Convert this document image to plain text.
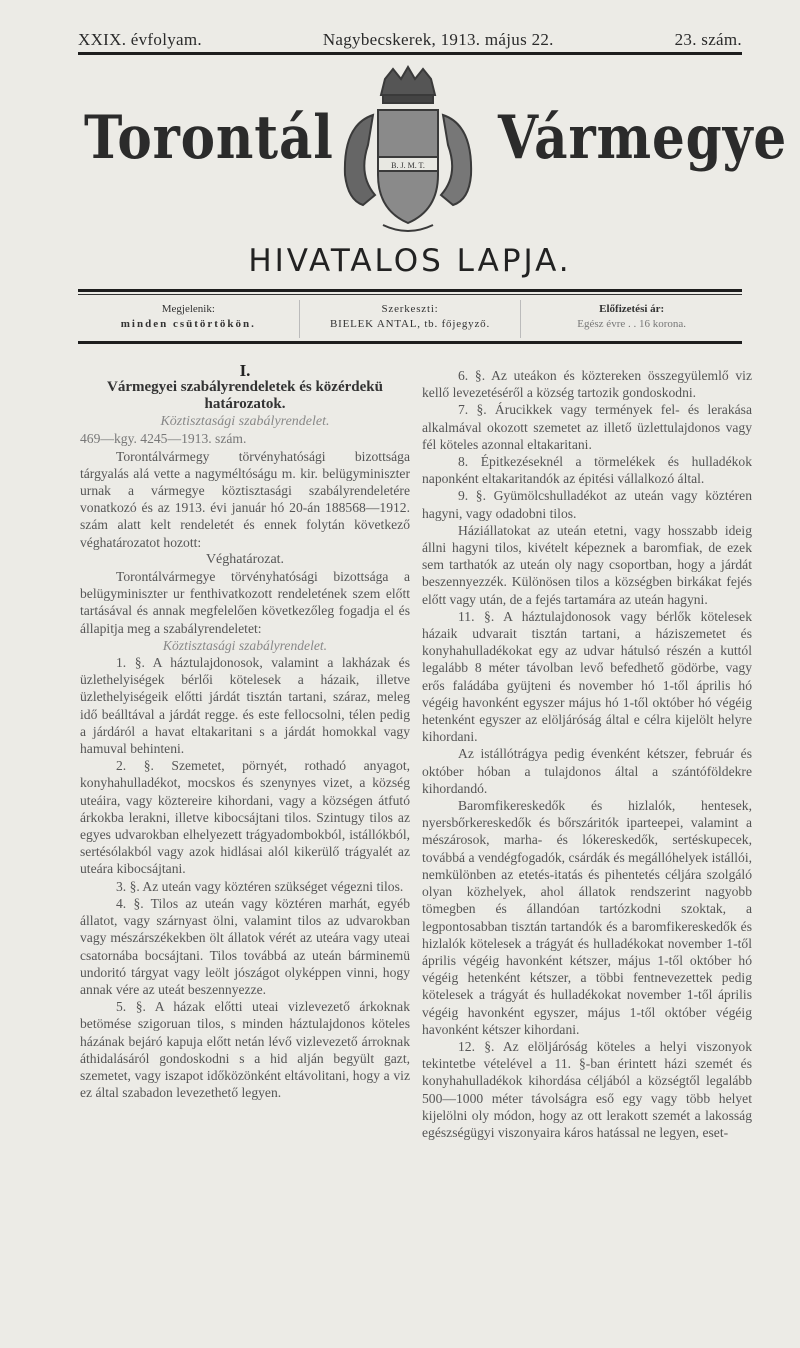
XXIX. évfolyam.	Nagybecskerek, 1913. május 22.	23. szám.
Torontál	B. J. M. T. Vármegye
HIVATALOS LAPJA.
Megjelenik:
minden csütörtökön.
Szerkeszti:
BIELEK ANTAL, tb. főjegyző.
Előfizetési ár:
Egész évre . . 16 korona.

I.

Vármegyei szabályrendeletek és közérdekü határozatok.

Köztisztasági szabályrendelet.

469—kgy. 4245—1913. szám.

Torontálvármegy törvényhatósági bizottsága tárgyalás alá vette a nagyméltóságu m. kir. belügyminiszter urnak a vármegye köztisztasági szabályrendeletére vonatkozó és az 1913. évi január hó 20-án 188568—1912. szám alatt kelt rendeletét és ennek folytán következő véghatározatot hozott:

Véghatározat.

Torontálvármegye törvényhatósági bizottsága a belügyminiszter ur fenthivatkozott rendeletének szem előtt tartásával és annak megfelelően következőleg fogadja el és állapitja meg a szabályrendeletet:

Köztisztasági szabályrendelet.

1. §. A háztulajdonosok, valamint a lakházak és üzlethelyiségek bérlői kötelesek a házaik, illetve üzlethelyiségeik előtti járdát tisztán tartani, száraz, meleg idő beálltával a járdát regge. és este fellocsolni, télen pedig a járdáról a havat eltakaritani s a járdát homokkal vagy hamuval behinteni.

2. §. Szemetet, pörnyét, rothadó anyagot, konyhahulladékot, mocskos és szenynyes vizet, a község uteáira, vagy köztereire kihordani, vagy a községen átfutó árkokba lerakni, illetve kibocsájtani tilos. Szintugy tilos az egyes udvarokban elhelyezett trágyadombokból, istállókból, sertésólakból vagy azok hidlásai alól kikerülő trágyalét az uteára kibocsájtani.

3. §. Az uteán vagy köztéren szükséget végezni tilos.

4. §. Tilos az uteán vagy köztéren marhát, egyéb állatot, vagy szárnyast ölni, valamint tilos az udvarokban vagy mészárszékekben ölt állatok vérét az uteára vagy uteai csatornába bocsájtani. Tilos továbbá az uteán bárminemü undoritó tárgyat vagy leölt jószágot olyképpen vinni, hogy annak vére az uteát beszennyezze.

5. §. A házak előtti uteai vizlevezető árkoknak betömése szigoruan tilos, s minden háztulajdonos köteles házának bejáró kapuja előtt netán lévő vizlevezető árroknak áthidalásáról gondoskodni s a hid alján begyült gazt, szemetet, vagy iszapot időközönként eltávolitani, hogy a viz ez által szabadon levezethető legyen.

6. §. Az uteákon és köztereken összegyülemlő viz kellő levezetéséről a község tartozik gondoskodni.

7. §. Árucikkek vagy termények fel- és lerakása alkalmával okozott szemetet az illető üzlettulajdonos vagy fél köteles azonnal eltakaritani.

8. Épitkezéseknél a törmelékek és hulladékok naponként eltakaritandók az épitési vállalkozó által.

9. §. Gyümölcshulladékot az uteán vagy köztéren hagyni, vagy odadobni tilos.

Háziállatokat az uteán etetni, vagy hosszabb ideig állni hagyni tilos, kivételt képeznek a baromfiak, de ezek sem tarthatók az uteán oly nagy csoportban, hogy a járdát beszennyezzék. Különösen tilos a községben birkákat fejés előtt vagy után, de a fejés tartamára az uteán hagyni.

11. §. A háztulajdonosok vagy bérlők kötelesek házaik udvarait tisztán tartani, a háziszemetet és konyhahulladékokat egy az udvar hátulsó részén a kuttól legalább 8 méter távolban levő befedhető gödörbe, vagy erős faládába gyüjteni és november hó 1-től április hó végéig havonként egyszer május hó 1-től október hó végéig hetenként egyszer az elöljáróság által e célra kijelölt helyre kihordani.

Az istállótrágya pedig évenként kétszer, február és október hóban a tulajdonos által a szántóföldekre kihordandó.

Baromfikereskedők és hizlalók, hentesek, nyersbőrkereskedők és bőrszáritók iparteepei, valamint a mészárosok, marha- és lókereskedők, sertéskupecek, továbbá a vendégfogadók, csárdák és megállóhelyek istállói, nemkülönben az etetés-itatás és pihentetés céljára szolgáló olyan közhelyek, ahol állatok rendszerint nagyobb tömegben és állandóan tartózkodni szoktak, a legpontosabban tisztán tartandók és a baromfikereskedők és hizlalók kötelesek a trágyát és hulladékokat november 1-től április végéig havonként kétszer, május 1-től október hó végéig hetenként kétszer, a többi fentnevezettek pedig kötelesek a trágyát és hulladékokat november 1-től április végéig havonként egyszer, május 1-től október végéig havonként kétszer kihordani.

12. §. Az elöljáróság köteles a helyi viszonyok tekintetbe vételével a 11. §-ban érintett házi szemét és konyhahulladékok kihordása céljából a községtől legalább 500—1000 méter távolságra eső egy vagy több helyet kijelölni oly módon, hogy az ott lerakott szemét a lakosság egészségügyi viszonyaira káros hatással ne legyen, eset-
